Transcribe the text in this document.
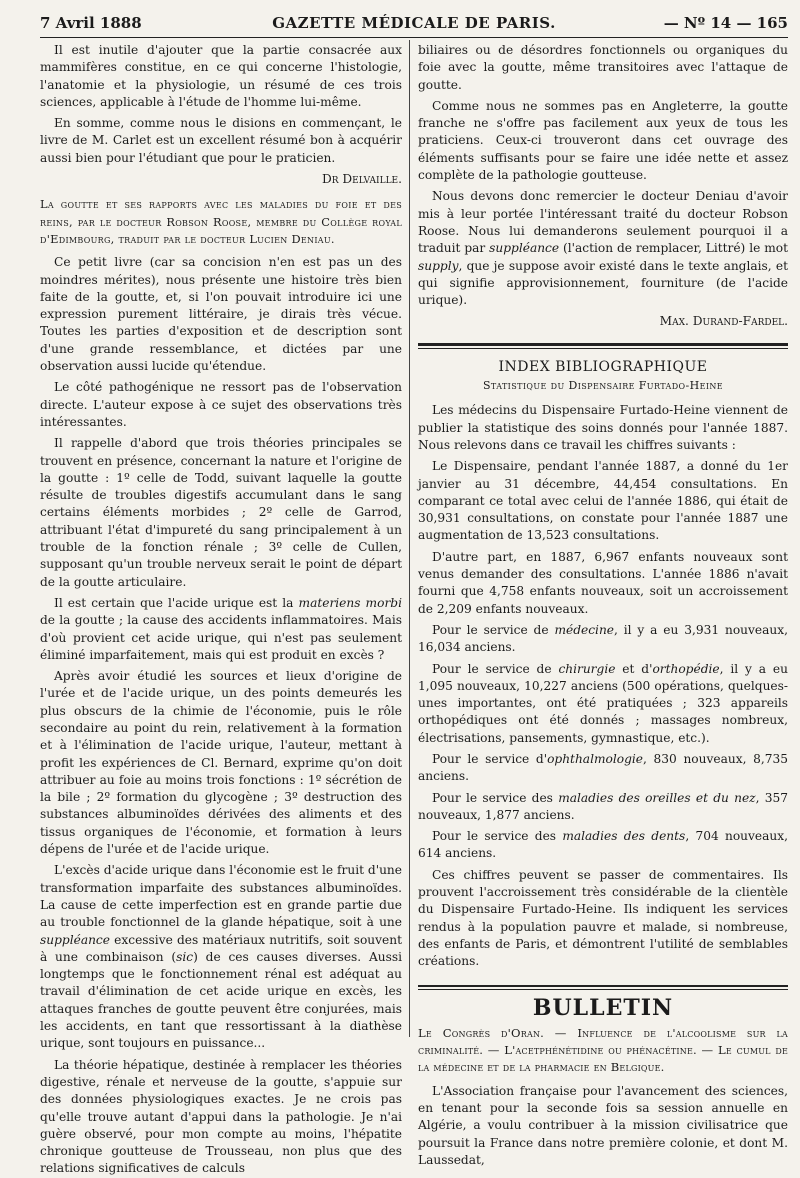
7 Avril 1888	GAZETTE MÉDICALE DE PARIS.	— Nº 14 — 165

Il est inutile d'ajouter que la partie consacrée aux mammifères constitue, en ce qui concerne l'histologie, l'anatomie et la physiologie, un résumé de ces trois sciences, applicable à l'étude de l'homme lui-même.

En somme, comme nous le disions en commençant, le livre de M. Carlet est un excellent résumé bon à acquérir aussi bien pour l'étudiant que pour le praticien.

Dr Delvaille.

La goutte et ses rapports avec les maladies du foie et des reins, par le docteur Robson Roose, membre du Collège royal d'Edimbourg, traduit par le docteur Lucien Deniau.

Ce petit livre (car sa concision n'en est pas un des moindres mérites), nous présente une histoire très bien faite de la goutte, et, si l'on pouvait introduire ici une expression purement littéraire, je dirais très vécue. Toutes les parties d'exposition et de description sont d'une grande ressemblance, et dictées par une observation aussi lucide qu'étendue.

Le côté pathogénique ne ressort pas de l'observation directe. L'auteur expose à ce sujet des observations très intéressantes.

Il rappelle d'abord que trois théories principales se trouvent en présence, concernant la nature et l'origine de la goutte : 1º celle de Todd, suivant laquelle la goutte résulte de troubles digestifs accumulant dans le sang certains éléments morbides ; 2º celle de Garrod, attribuant l'état d'impureté du sang principalement à un trouble de la fonction rénale ; 3º celle de Cullen, supposant qu'un trouble nerveux serait le point de départ de la goutte articulaire.

Il est certain que l'acide urique est la materiens morbi de la goutte ; la cause des accidents inflammatoires. Mais d'où provient cet acide urique, qui n'est pas seulement éliminé imparfaitement, mais qui est produit en excès ?

Après avoir étudié les sources et lieux d'origine de l'urée et de l'acide urique, un des points demeurés les plus obscurs de la chimie de l'économie, puis le rôle secondaire au point du rein, relativement à la formation et à l'élimination de l'acide urique, l'auteur, mettant à profit les expériences de Cl. Bernard, exprime qu'on doit attribuer au foie au moins trois fonctions : 1º sécrétion de la bile ; 2º formation du glycogène ; 3º destruction des substances albuminoïdes dérivées des aliments et des tissus organiques de l'économie, et formation à leurs dépens de l'urée et de l'acide urique.

L'excès d'acide urique dans l'économie est le fruit d'une transformation imparfaite des substances albuminoïdes. La cause de cette imperfection est en grande partie due au trouble fonctionnel de la glande hépatique, soit à une suppléance excessive des matériaux nutritifs, soit souvent à une combinaison (sic) de ces causes diverses. Aussi longtemps que le fonctionnement rénal est adéquat au travail d'élimination de cet acide urique en excès, les attaques franches de goutte peuvent être conjurées, mais les accidents, en tant que ressortissant à la diathèse urique, sont toujours en puissance...

La théorie hépatique, destinée à remplacer les théories digestive, rénale et nerveuse de la goutte, s'appuie sur des données physiologiques exactes. Je ne crois pas qu'elle trouve autant d'appui dans la pathologie. Je n'ai guère observé, pour mon compte au moins, l'hépatite chronique goutteuse de Trousseau, non plus que des relations significatives de calculs

biliaires ou de désordres fonctionnels ou organiques du foie avec la goutte, même transitoires avec l'attaque de goutte.

Comme nous ne sommes pas en Angleterre, la goutte franche ne s'offre pas facilement aux yeux de tous les praticiens. Ceux-ci trouveront dans cet ouvrage des éléments suffisants pour se faire une idée nette et assez complète de la pathologie goutteuse.

Nous devons donc remercier le docteur Deniau d'avoir mis à leur portée l'intéressant traité du docteur Robson Roose. Nous lui demanderons seulement pourquoi il a traduit par suppléance (l'action de remplacer, Littré) le mot supply, que je suppose avoir existé dans le texte anglais, et qui signifie approvisionnement, fourniture (de l'acide urique).

Max. Durand-Fardel.

INDEX BIBLIOGRAPHIQUE

Statistique du Dispensaire Furtado-Heine

Les médecins du Dispensaire Furtado-Heine viennent de publier la statistique des soins donnés pour l'année 1887. Nous relevons dans ce travail les chiffres suivants :

Le Dispensaire, pendant l'année 1887, a donné du 1er janvier au 31 décembre, 44,454 consultations. En comparant ce total avec celui de l'année 1886, qui était de 30,931 consultations, on constate pour l'année 1887 une augmentation de 13,523 consultations.

D'autre part, en 1887, 6,967 enfants nouveaux sont venus demander des consultations. L'année 1886 n'avait fourni que 4,758 enfants nouveaux, soit un accroissement de 2,209 enfants nouveaux.

Pour le service de médecine, il y a eu 3,931 nouveaux, 16,034 anciens.

Pour le service de chirurgie et d'orthopédie, il y a eu 1,095 nouveaux, 10,227 anciens (500 opérations, quelques-unes importantes, ont été pratiquées ; 323 appareils orthopédiques ont été donnés ; massages nombreux, électrisations, pansements, gymnastique, etc.).

Pour le service d'ophthalmologie, 830 nouveaux, 8,735 anciens.

Pour le service des maladies des oreilles et du nez, 357 nouveaux, 1,877 anciens.

Pour le service des maladies des dents, 704 nouveaux, 614 anciens.

Ces chiffres peuvent se passer de commentaires. Ils prouvent l'accroissement très considérable de la clientèle du Dispensaire Furtado-Heine. Ils indiquent les services rendus à la population pauvre et malade, si nombreuse, des enfants de Paris, et démontrent l'utilité de semblables créations.

BULLETIN

Le Congrès d'Oran. — Influence de l'alcoolisme sur la criminalité. — L'acetphénétidine ou phénacétine. — Le cumul de la médecine et de la pharmacie en Belgique.

L'Association française pour l'avancement des sciences, en tenant pour la seconde fois sa session annuelle en Algérie, a voulu contribuer à la mission civilisatrice que poursuit la France dans notre première colonie, et dont M. Laussedat,
